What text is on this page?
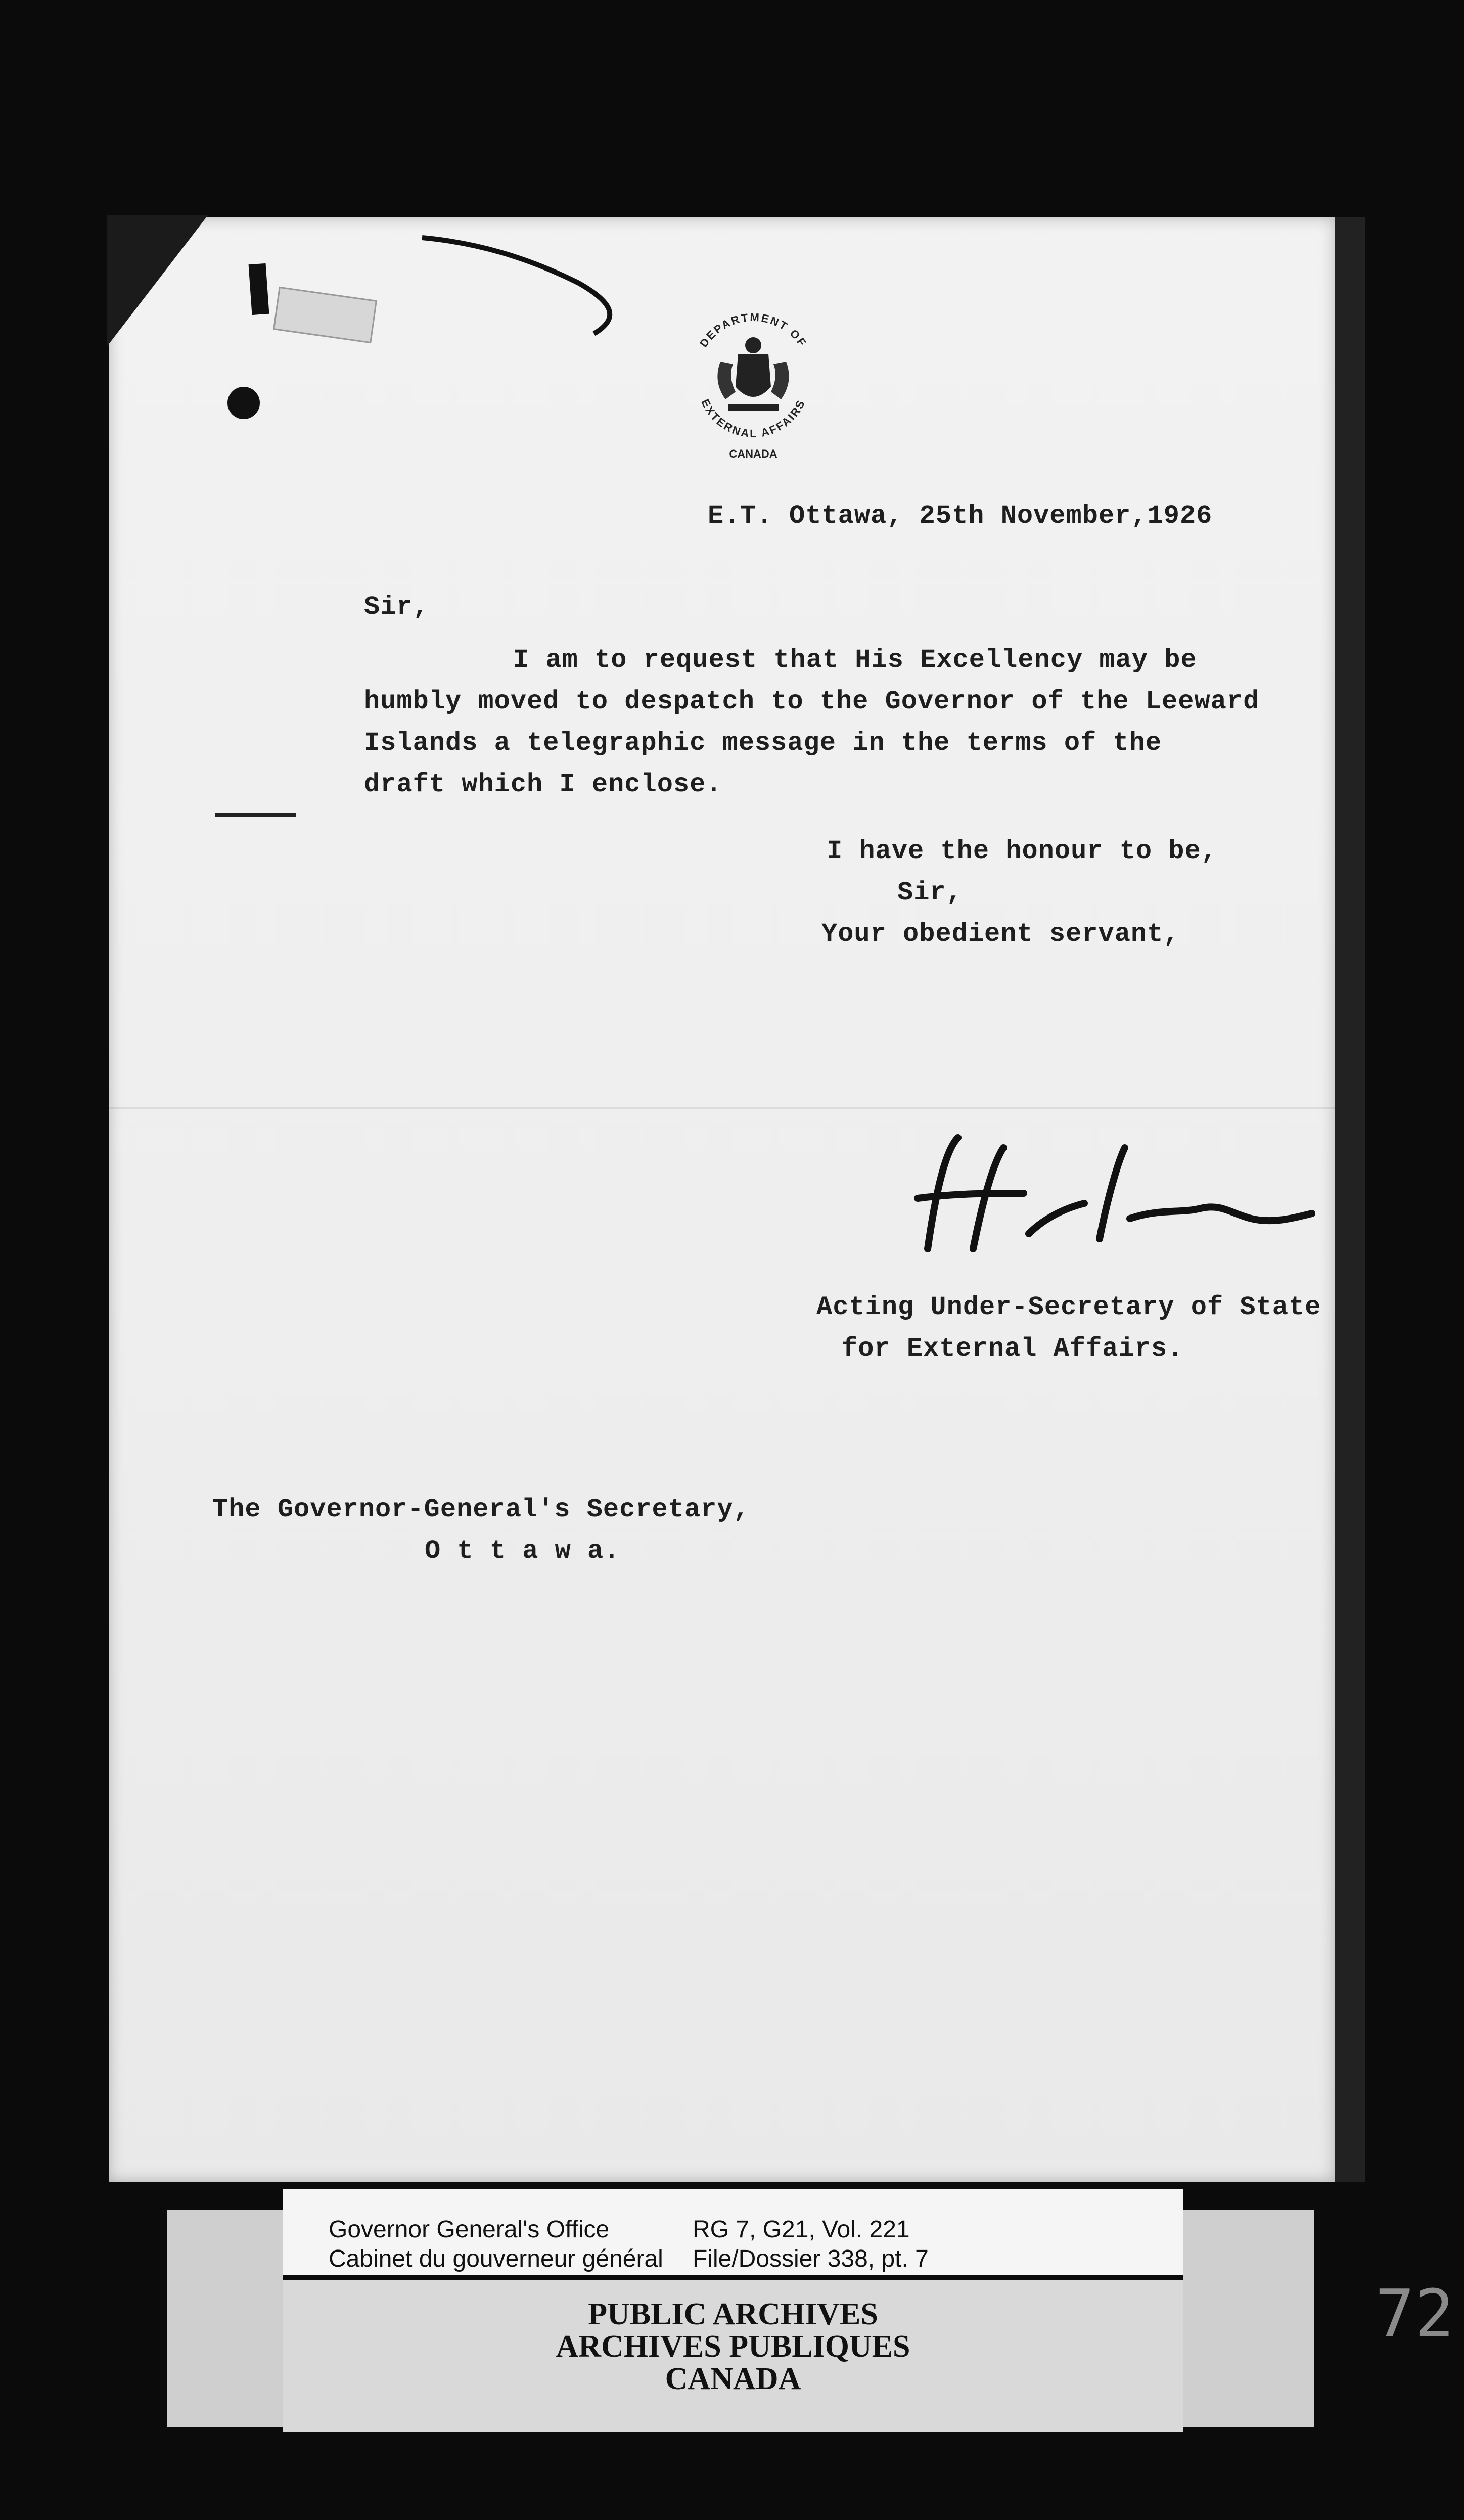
DEPARTMENT OF
EXTERNAL AFFAIRS
CANADA
E.T. Ottawa, 25th November,1926
Sir,
I am to request that His Excellency may be
humbly moved to despatch to the Governor of the Leeward
Islands a telegraphic message in the terms of the
draft which I enclose.
I have the honour to be,
Sir,
Your obedient servant,
Acting Under-Secretary of State
for External Affairs.
The Governor-General's Secretary,
O t t a w a.
Governor General's Office
Cabinet du gouverneur général
RG 7, G21, Vol. 221
File/Dossier 338, pt. 7
PUBLIC ARCHIVES
ARCHIVES PUBLIQUES
CANADA
72
